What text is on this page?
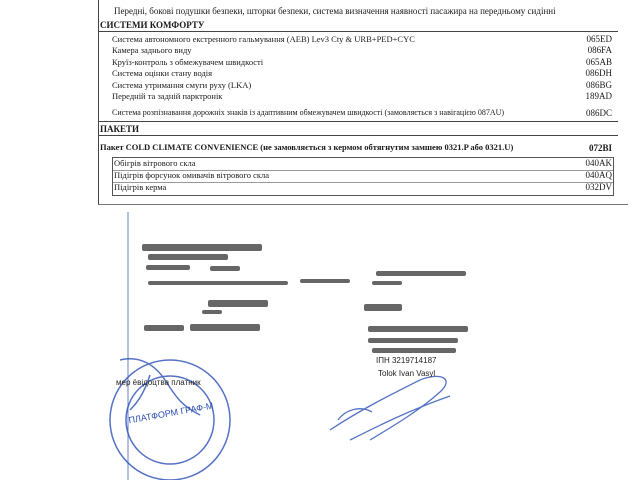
Передні, бокові подушки безпеки, шторки безпеки, система визначення наявності пасажира на передньому сидінні
СИСТЕМИ КОМФОРТУ
Система автономного екстренного гальмування (AEB) Lev3 Cty & URB+PED+CYC	065ED
Камера заднього виду	086FA
Круїз-контроль з обмежувачем швидкості	065AB
Система оцінки стану водія	086DH
Система утримання смуги руху (LKA)	086BG
Передній та задній парктронік	189AD
Система розпізнавання дорожніх знаків із адаптивним обмежувачем швидкості (замовляється з навігацією 087AU)	086DC
ПАКЕТИ
Пакет COLD CLIMATE CONVENIENCE (не замовляється з кермом обтягнутим замшею 0321.P або 0321.U)	072BI
Обігрів вітрового скла	040AK
Підігрів форсунок омивачів вітрового скла	040AQ
Підігрів керма	032DV
ІПН 3219714187
Tolok Ivan Vasyl
мер ёвідоцтва платник
ПЛАТФОРМ ГРАФ-М
